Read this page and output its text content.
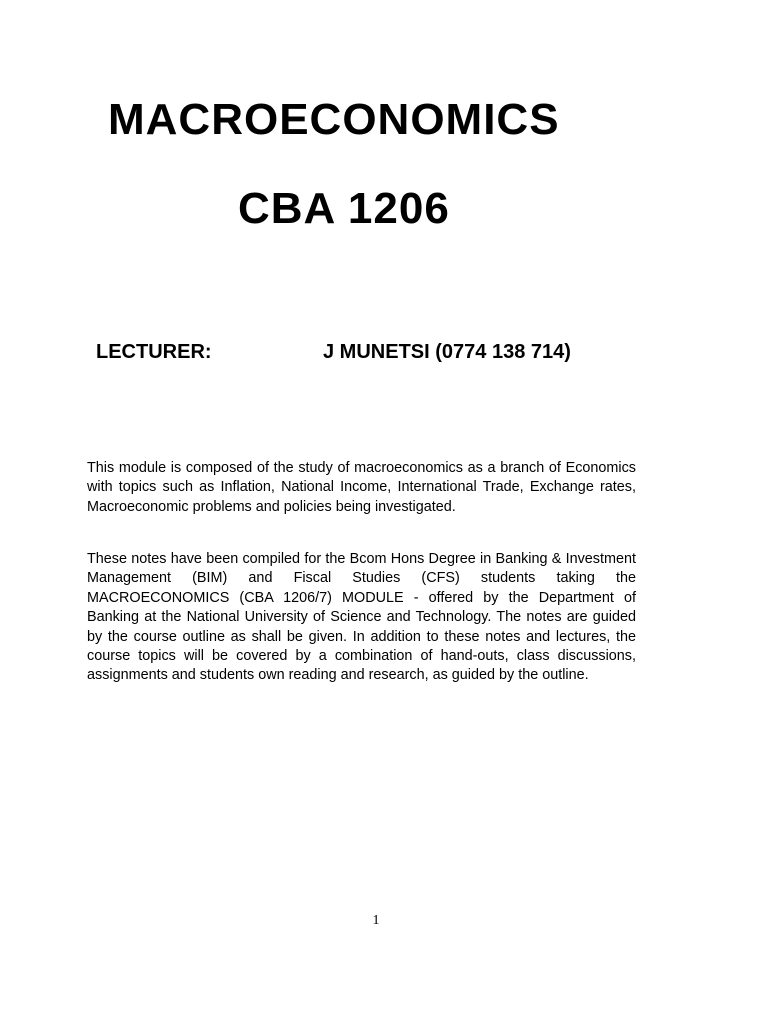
MACROECONOMICS
CBA 1206
LECTURER:	J MUNETSI (0774 138 714)

This module is composed of the study of macroeconomics as a branch of Economics with topics such as Inflation, National Income, International Trade, Exchange rates, Macroeconomic problems and policies being investigated.

These notes have been compiled for the Bcom Hons Degree in Banking & Investment Management (BIM) and Fiscal Studies (CFS) students taking the MACROECONOMICS (CBA 1206/7) MODULE - offered by the Department of Banking at the National University of Science and Technology. The notes are guided by the course outline as shall be given. In addition to these notes and lectures, the course topics will be covered by a combination of hand-outs, class discussions, assignments and students own reading and research, as guided by the outline.

1
